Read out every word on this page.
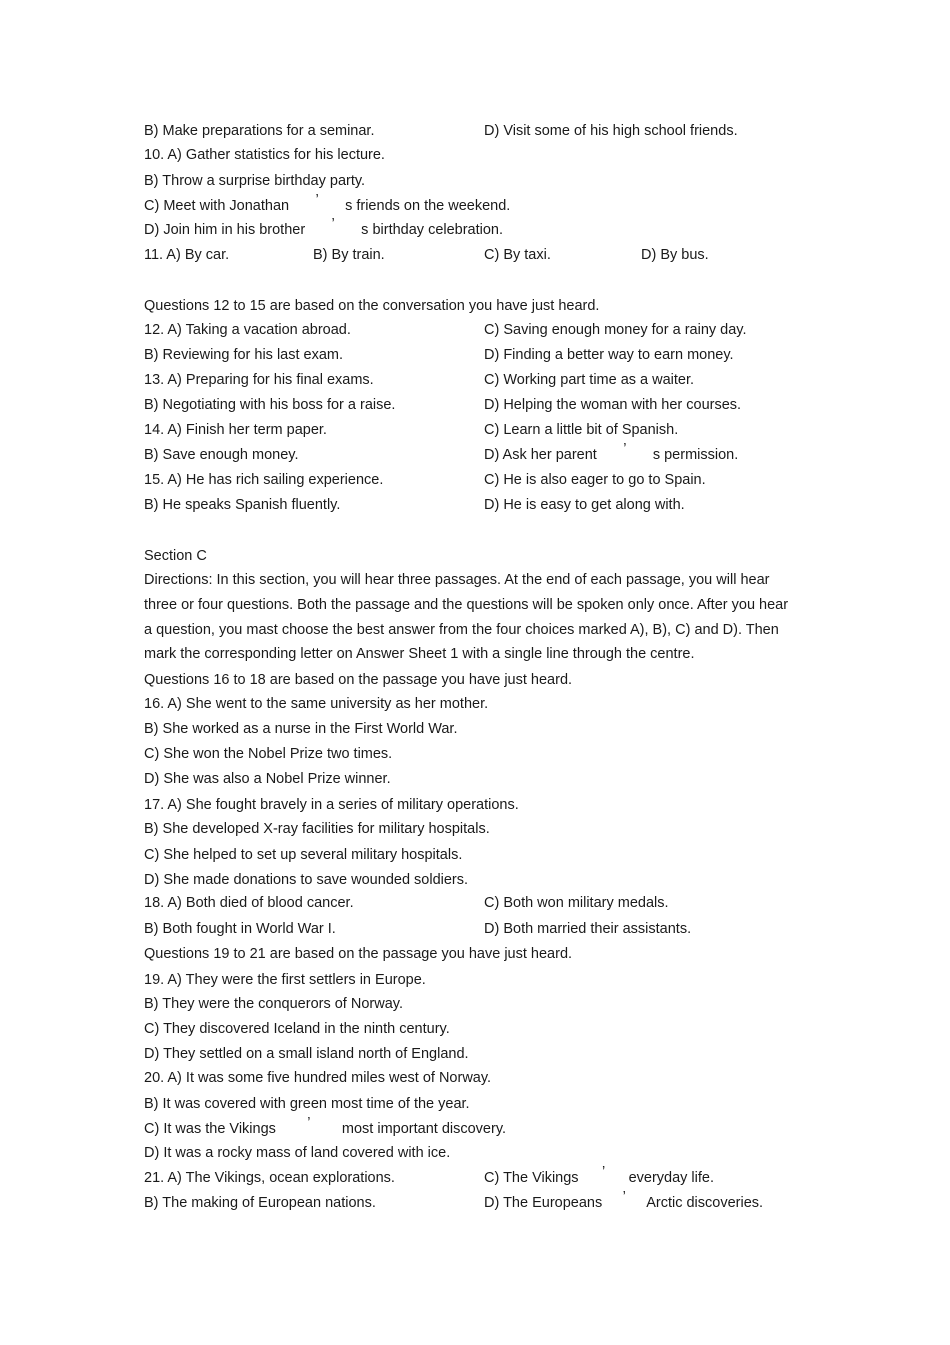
B) Make preparations for a seminar.	D) Visit some of his high school friends.
10. A) Gather statistics for his lecture.
B) Throw a surprise birthday party.
C) Meet with Jonathan ’ s friends on the weekend.
D) Join him in his brother ’ s birthday celebration.
11. A) By car.	B) By train.	C) By taxi.	D) By bus.
Questions 12 to 15 are based on the conversation you have just heard.
12. A) Taking a vacation abroad.	C) Saving enough money for a rainy day.
B) Reviewing for his last exam.	D) Finding a better way to earn money.
13. A) Preparing for his final exams.	C) Working part time as a waiter.
B) Negotiating with his boss for a raise.	D) Helping the woman with her courses.
14. A) Finish her term paper.	C) Learn a little bit of Spanish.
B) Save enough money.	D) Ask her parent ’ s permission.
15. A) He has rich sailing experience.	C) He is also eager to go to Spain.
B) He speaks Spanish fluently.	D) He is easy to get along with.
Section C
Directions: In this section, you will hear three passages. At the end of each passage, you will hear
three or four questions. Both the passage and the questions will be spoken only once. After you hear
a question, you mast choose the best answer from the four choices marked A), B), C) and D). Then
mark the corresponding letter on Answer Sheet 1 with a single line through the centre.
Questions 16 to 18 are based on the passage you have just heard.
16. A) She went to the same university as her mother.
B) She worked as a nurse in the First World War.
C) She won the Nobel Prize two times.
D) She was also a Nobel Prize winner.
17. A) She fought bravely in a series of military operations.
B) She developed X-ray facilities for military hospitals.
C) She helped to set up several military hospitals.
D) She made donations to save wounded soldiers.
18. A) Both died of blood cancer.	C) Both won military medals.
B) Both fought in World War I.	D) Both married their assistants.
Questions 19 to 21 are based on the passage you have just heard.
19. A) They were the first settlers in Europe.
B) They were the conquerors of Norway.
C) They discovered Iceland in the ninth century.
D) They settled on a small island north of England.
20. A) It was some five hundred miles west of Norway.
B) It was covered with green most time of the year.
C) It was the Vikings ’ most important discovery.
D) It was a rocky mass of land covered with ice.
21. A) The Vikings, ocean explorations.	C) The Vikings ’ everyday life.
B) The making of European nations.	D) The Europeans ’ Arctic discoveries.
